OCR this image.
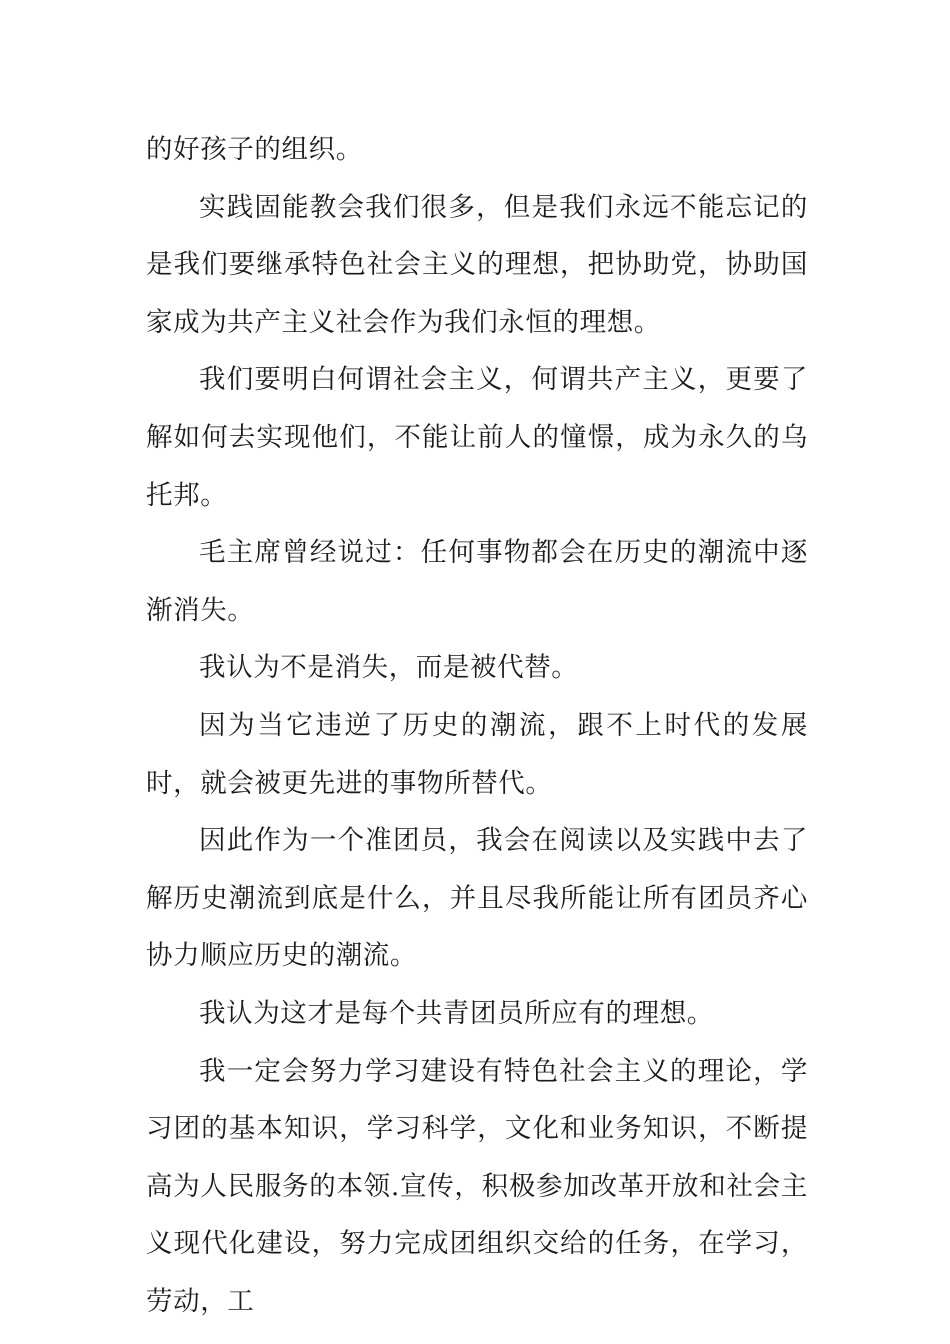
的好孩子的组织。

实践固能教会我们很多，但是我们永远不能忘记的是我们要继承特色社会主义的理想，把协助党，协助国家成为共产主义社会作为我们永恒的理想。

我们要明白何谓社会主义，何谓共产主义，更要了解如何去实现他们，不能让前人的憧憬，成为永久的乌托邦。

毛主席曾经说过：任何事物都会在历史的潮流中逐渐消失。

我认为不是消失，而是被代替。

因为当它违逆了历史的潮流，跟不上时代的发展时，就会被更先进的事物所替代。

因此作为一个准团员，我会在阅读以及实践中去了解历史潮流到底是什么，并且尽我所能让所有团员齐心协力顺应历史的潮流。

我认为这才是每个共青团员所应有的理想。

我一定会努力学习建设有特色社会主义的理论，学习团的基本知识，学习科学，文化和业务知识，不断提高为人民服务的本领.宣传，积极参加改革开放和社会主义现代化建设，努力完成团组织交给的任务，在学习，劳动，工
